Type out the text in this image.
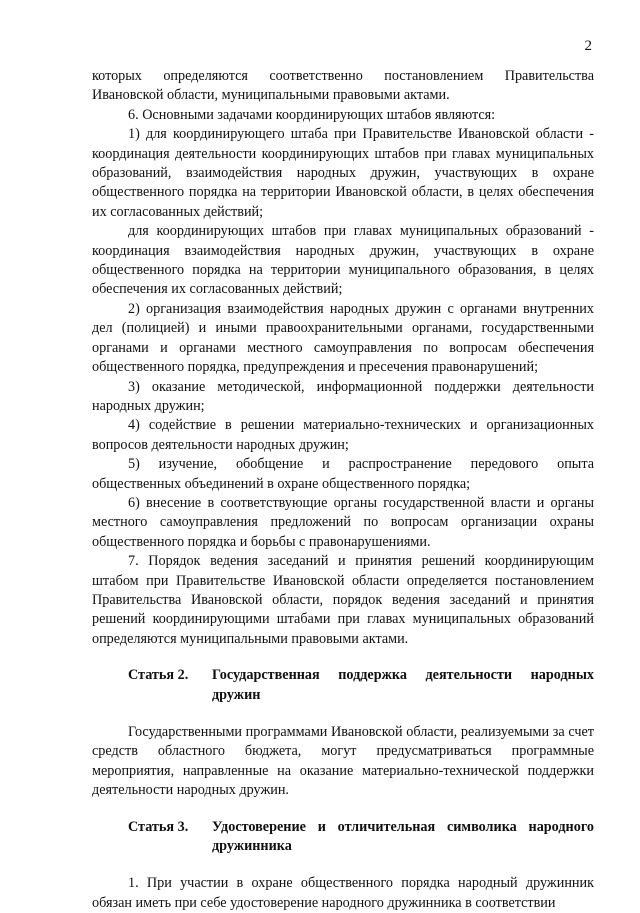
2

которых определяются соответственно постановлением Правительства Ивановской области, муниципальными правовыми актами.

6. Основными задачами координирующих штабов являются:

1) для координирующего штаба при Правительстве Ивановской области - координация деятельности координирующих штабов при главах муниципальных образований, взаимодействия народных дружин, участвующих в охране общественного порядка на территории Ивановской области, в целях обеспечения их согласованных действий;

для координирующих штабов при главах муниципальных образований - координация взаимодействия народных дружин, участвующих в охране общественного порядка на территории муниципального образования, в целях обеспечения их согласованных действий;

2) организация взаимодействия народных дружин с органами внутренних дел (полицией) и иными правоохранительными органами, государственными органами и органами местного самоуправления по вопросам обеспечения общественного порядка, предупреждения и пресечения правонарушений;

3) оказание методической, информационной поддержки деятельности народных дружин;

4) содействие в решении материально-технических и организационных вопросов деятельности народных дружин;

5) изучение, обобщение и распространение передового опыта общественных объединений в охране общественного порядка;

6) внесение в соответствующие органы государственной власти и органы местного самоуправления предложений по вопросам организации охраны общественного порядка и борьбы с правонарушениями.

7. Порядок ведения заседаний и принятия решений координирующим штабом при Правительстве Ивановской области определяется постановлением Правительства Ивановской области, порядок ведения заседаний и принятия решений координирующими штабами при главах муниципальных образований определяются муниципальными правовыми актами.

Статья 2.	Государственная поддержка деятельности народных дружин

Государственными программами Ивановской области, реализуемыми за счет средств областного бюджета, могут предусматриваться программные мероприятия, направленные на оказание материально-технической поддержки деятельности народных дружин.

Статья 3.	Удостоверение и отличительная символика народного дружинника

1. При участии в охране общественного порядка народный дружинник обязан иметь при себе удостоверение народного дружинника в соответствии
